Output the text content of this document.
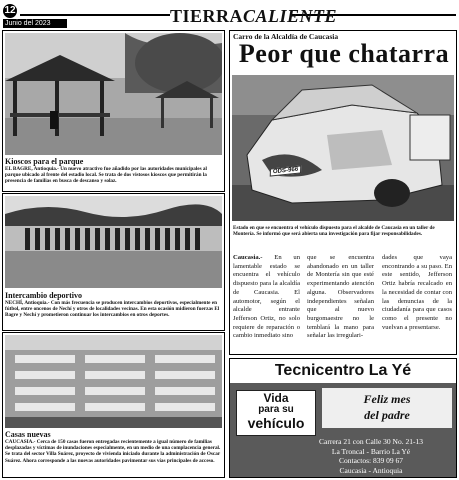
12
Junio del 2023	TIERRACALIENTE
Kioscos para el parque
EL BAGRE, Antioquia.- Un nuevo atractivo fue añadido por las autoridades municipales al parque ubicado al frente del estadio local. Se trata de dos vistosos kioscos que permitirán la presencia de familias en busca de descanso y solaz.
Intercambio deportivo
NECHÍ, Antioquia.- Con más frecuencia se producen intercambios deportivos, especialmente en fútbol, entre oncenos de Nechí y otros de localidades vecinas. En esta ocasión midieron fuerzas El Bagre y Nechí y prometieron continuar los intercambios en otros deportes.
Casas nuevas
CAUCASIA.- Cerca de 150 casas fueron entregadas recientemente a igual número de familias desplazadas y víctimas de inundaciones especialmente, en un medio de una complacencia general. Se trata del sector Villa Suárez, proyecto de vivienda iniciado durante la administración de Oscar Suárez. Ahora corresponde a las nuevas autoridades pavimentar sus vías principales de acceso.
Carro de la Alcaldía de Caucasia
Peor que chatarra
ODS-966
Estado en que se encuentra el vehículo dispuesto para el alcalde de Caucasia en un taller de Montería. Se informó que será abierta una investigación para fijar responsabilidades.
Caucasia.- En un lamentable estado se encuentra el vehículo dispuesto para la alcaldía de Caucasia. El automotor, según el alcalde entrante Jefferson Ortiz, no solo requiere de reparación o cambio inmediato sino
que se encuentra abandonado en un taller de Montería sin que esté experimentando atención alguna. Observadores independientes señalan que al nuevo burgomaestre no le temblará la mano para señalar las irregulari-
dades que vaya encontrando a su paso. En este sentido, Jefferson Ortiz habría recalcado en la necesidad de contar con las denuncias de la ciudadanía para que casos como el presente no vuelvan a presentarse.
Tecnicentro La Yé
Vida
para su
vehículo
Feliz mes
del padre
Carrera 21 con Calle 30 No. 21-13
La Troncal - Barrio La Yé
Contactos: 839 09 67
Caucasia - Antioquia
